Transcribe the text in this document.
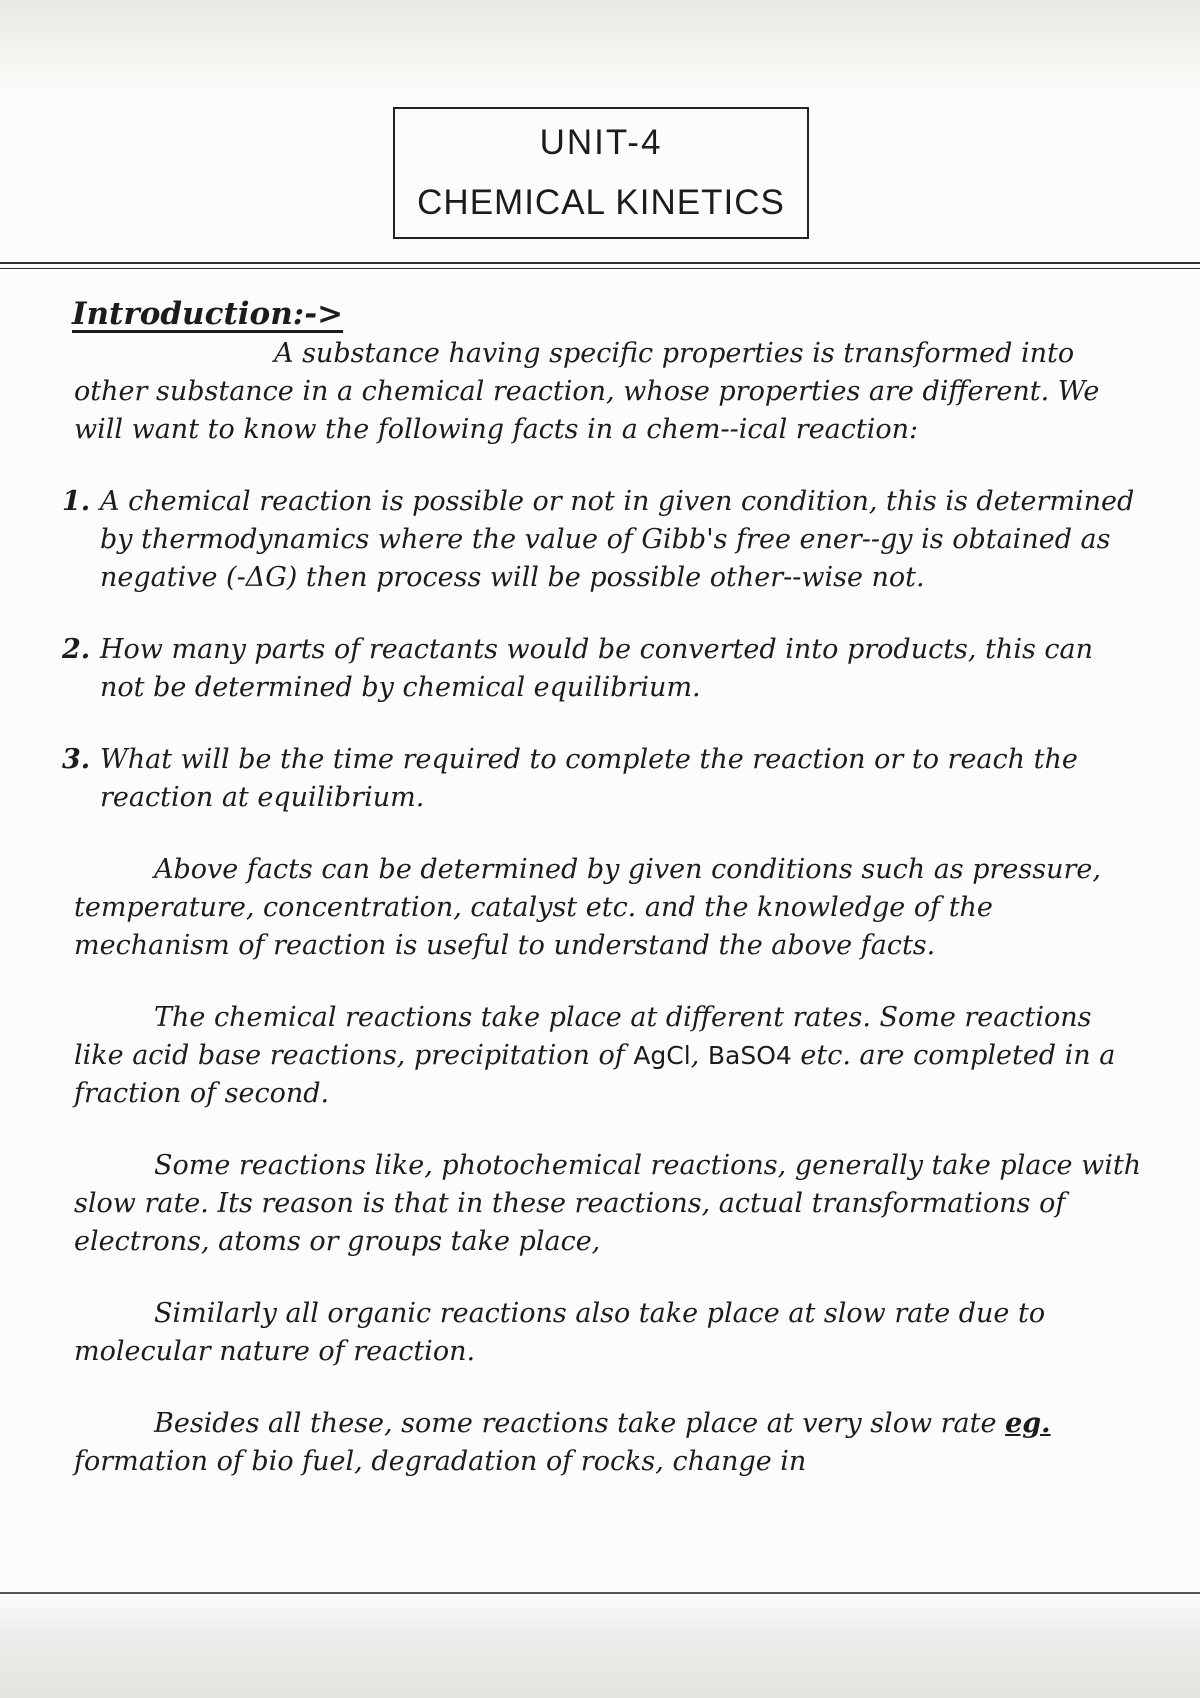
UNIT-4
CHEMICAL KINETICS
Introduction:->

A substance having specific properties is transformed into other substance in a chemical reaction, whose properties are different. We will want to know the following facts in a chem--ical reaction:

1. A chemical reaction is possible or not in given condition, this is determined by thermodynamics where the value of Gibb's free ener--gy is obtained as negative (-ΔG) then process will be possible other--wise not.
2. How many parts of reactants would be converted into products, this can not be determined by chemical equilibrium.
3. What will be the time required to complete the reaction or to reach the reaction at equilibrium.

Above facts can be determined by given conditions such as pressure, temperature, concentration, catalyst etc. and the knowledge of the mechanism of reaction is useful to understand the above facts.

The chemical reactions take place at different rates. Some reactions like acid base reactions, precipitation of AgCl, BaSO4 etc. are completed in a fraction of second.

Some reactions like, photochemical reactions, generally take place with slow rate. Its reason is that in these reactions, actual transformations of electrons, atoms or groups take place,

Similarly all organic reactions also take place at slow rate due to molecular nature of reaction.

Besides all these, some reactions take place at very slow rate eg. formation of bio fuel, degradation of rocks, change in
